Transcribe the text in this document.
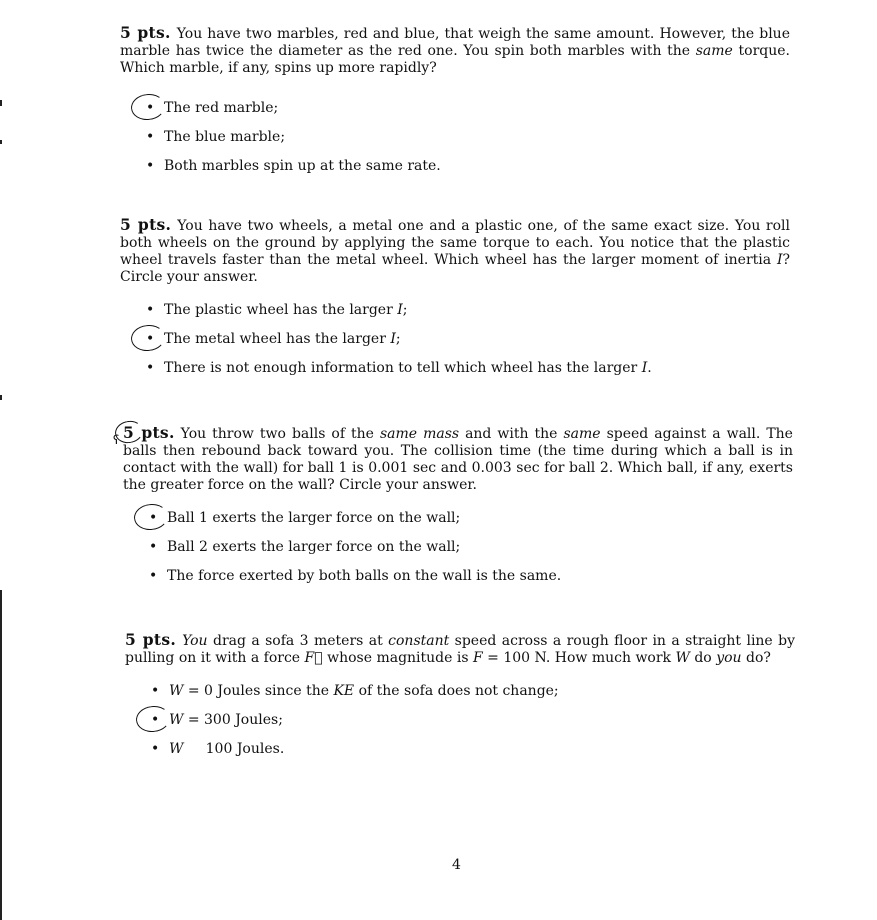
5 pts. You have two marbles, red and blue, that weigh the same amount. However, the blue marble has twice the diameter as the red one. You spin both marbles with the same torque. Which marble, if any, spins up more rapidly?

• The red marble;
• The blue marble;
• Both marbles spin up at the same rate.

5 pts. You have two wheels, a metal one and a plastic one, of the same exact size. You roll both wheels on the ground by applying the same torque to each. You notice that the plastic wheel travels faster than the metal wheel. Which wheel has the larger moment of inertia I? Circle your answer.

• The plastic wheel has the larger I;
• The metal wheel has the larger I;
• There is not enough information to tell which wheel has the larger I.
ʕ 5 pts. You throw two balls of the same mass and with the same speed against a wall. The balls then rebound back toward you. The collision time (the time during which a ball is in contact with the wall) for ball 1 is 0.001 sec and 0.003 sec for ball 2. Which ball, if any, exerts the greater force on the wall? Circle your answer.

• Ball 1 exerts the larger force on the wall;
• Ball 2 exerts the larger force on the wall;
• The force exerted by both balls on the wall is the same.

5 pts. You drag a sofa 3 meters at constant speed across a rough floor in a straight line by pulling on it with a force F⃗ whose magnitude is F = 100 N. How much work W do you do?

• W = 0 Joules since the KE of the sofa does not change;
• W = 300 Joules;
• W     100 Joules.
4
